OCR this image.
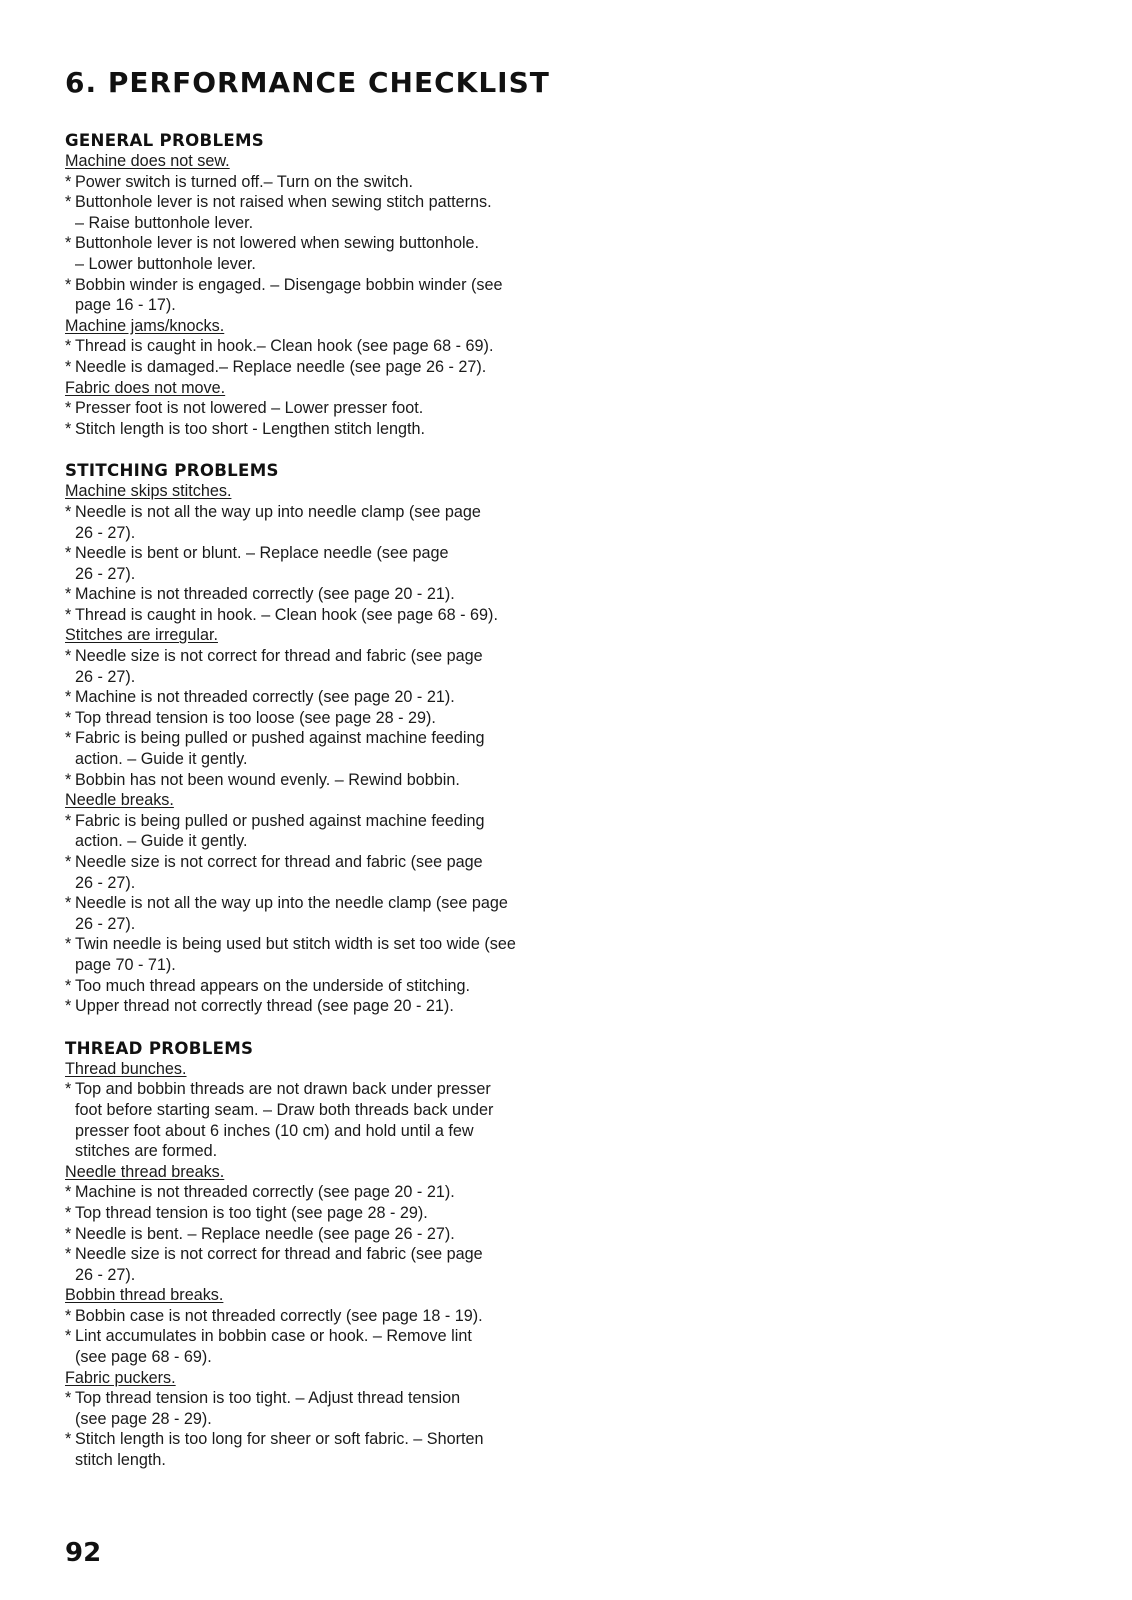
6. PERFORMANCE CHECKLIST
GENERAL PROBLEMS
Machine does not sew.
* Power switch is turned off.– Turn on the switch.
* Buttonhole lever is not raised when sewing stitch patterns.
– Raise buttonhole lever.
* Buttonhole lever is not lowered when sewing buttonhole.
– Lower buttonhole lever.
* Bobbin winder is engaged. – Disengage bobbin winder (see
page 16 - 17).
Machine jams/knocks.
* Thread is caught in hook.– Clean hook (see page 68 - 69).
* Needle is damaged.– Replace needle (see page 26 - 27).
Fabric does not move.
* Presser foot is not lowered – Lower presser foot.
* Stitch length is too short - Lengthen stitch length.
STITCHING PROBLEMS
Machine skips stitches.
* Needle is not all the way up into needle clamp (see page
26 - 27).
* Needle is bent or blunt. – Replace needle (see page
26 - 27).
* Machine is not threaded correctly (see page 20 - 21).
* Thread is caught in hook. – Clean hook (see page 68 - 69).
Stitches are irregular.
* Needle size is not correct for thread and fabric (see page
26 - 27).
* Machine is not threaded correctly (see page 20 - 21).
* Top thread tension is too loose (see page 28 - 29).
* Fabric is being pulled or pushed against machine feeding
action. – Guide it gently.
* Bobbin has not been wound evenly. – Rewind bobbin.
Needle breaks.
* Fabric is being pulled or pushed against machine feeding
action. – Guide it gently.
* Needle size is not correct for thread and fabric (see page
26 - 27).
* Needle is not all the way up into the needle clamp (see page
26 - 27).
* Twin needle is being used but stitch width is set too wide (see
page 70 - 71).
* Too much thread appears on the underside of stitching.
* Upper thread not correctly thread (see page 20 - 21).
THREAD PROBLEMS
Thread bunches.
* Top and bobbin threads are not drawn back under presser
foot before starting seam. – Draw both threads back under
presser foot about 6 inches (10 cm) and hold until a few
stitches are formed.
Needle thread breaks.
* Machine is not threaded correctly (see page 20 - 21).
* Top thread tension is too tight (see page 28 - 29).
* Needle is bent. – Replace needle (see page 26 - 27).
* Needle size is not correct for thread and fabric (see page
26 - 27).
Bobbin thread breaks.
* Bobbin case is not threaded correctly (see page 18 - 19).
* Lint accumulates in bobbin case or hook. – Remove lint
(see page 68 - 69).
Fabric puckers.
* Top thread tension is too tight. – Adjust thread tension
(see page 28 - 29).
* Stitch length is too long for sheer or soft fabric. – Shorten
stitch length.
92
